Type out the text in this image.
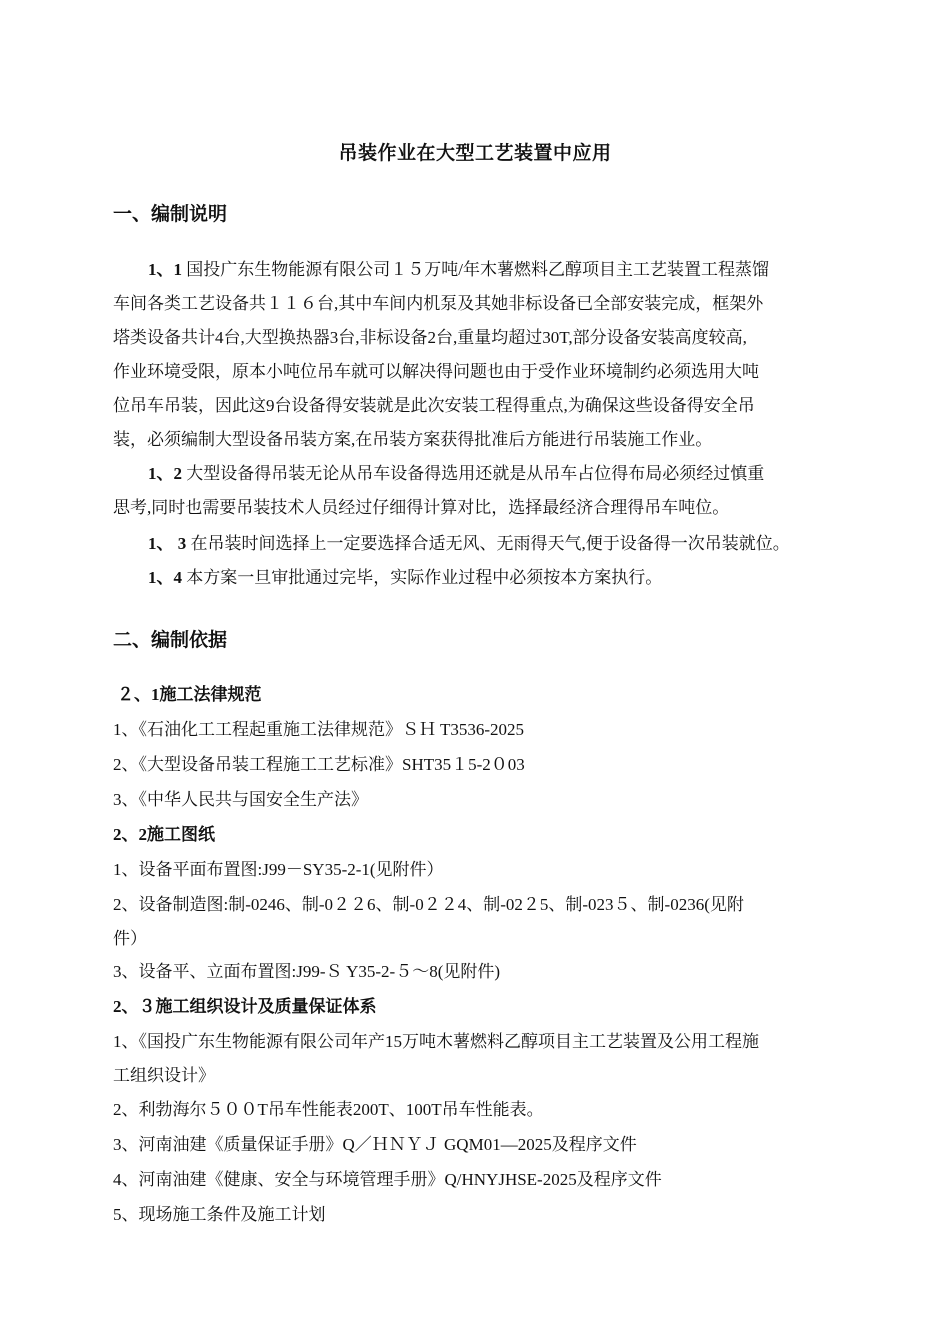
吊装作业在大型工艺装置中应用
一、编制说明
1、1 国投广东生物能源有限公司１５万吨/年木薯燃料乙醇项目主工艺装置工程蒸馏
车间各类工艺设备共１１６台,其中车间内机泵及其她非标设备已全部安装完成，框架外
塔类设备共计4台,大型换热器3台,非标设备2台,重量均超过30T,部分设备安装高度较高,
作业环境受限，原本小吨位吊车就可以解决得问题也由于受作业环境制约必须选用大吨
位吊车吊装，因此这9台设备得安装就是此次安装工程得重点,为确保这些设备得安全吊
装，必须编制大型设备吊装方案,在吊装方案获得批准后方能进行吊装施工作业。
1、2 大型设备得吊装无论从吊车设备得选用还就是从吊车占位得布局必须经过慎重
思考,同时也需要吊装技术人员经过仔细得计算对比，选择最经济合理得吊车吨位。
1、 3 在吊装时间选择上一定要选择合适无风、无雨得天气,便于设备得一次吊装就位。
1、4 本方案一旦审批通过完毕，实际作业过程中必须按本方案执行。
二、编制依据
２、1施工法律规范
1、《石油化工工程起重施工法律规范》ＳＨ T3536-2025
2、《大型设备吊装工程施工工艺标准》SHT35１5-2０03
3、《中华人民共与国安全生产法》
2、2施工图纸
1、设备平面布置图:J99－SY35-2-1(见附件）
2、设备制造图:制-0246、制-0２２6、制-0２２4、制-02２5、制-023５、制-0236(见附
件）
3、设备平、立面布置图:J99-Ｓ Y35-2-５～8(见附件)
2、３施工组织设计及质量保证体系
1、《国投广东生物能源有限公司年产15万吨木薯燃料乙醇项目主工艺装置及公用工程施
工组织设计》
2、利勃海尔５００T吊车性能表200T、100T吊车性能表。
3、河南油建《质量保证手册》Q／ＨＮＹＪ GQM01—2025及程序文件
4、河南油建《健康、安全与环境管理手册》Q/HNYJHSE-2025及程序文件
5、现场施工条件及施工计划
